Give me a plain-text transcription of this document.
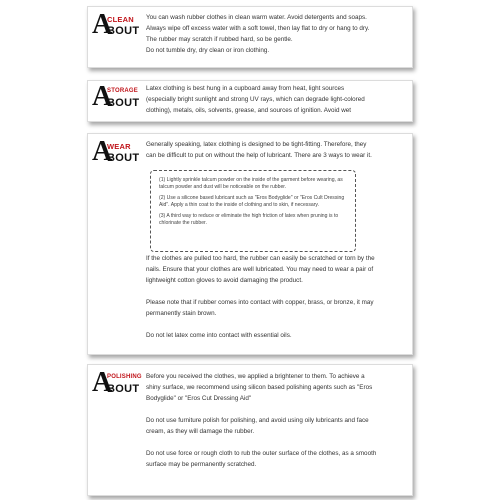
A
CLEAN
BOUT

You can wash rubber clothes in clean warm water. Avoid detergents and soaps.

Always wipe off excess water with a soft towel, then lay flat to dry or hang to dry.

The rubber may scratch if rubbed hard, so be gentle.

Do not tumble dry, dry clean or iron clothing.

A
STORAGE
BOUT

Latex clothing is best hung in a cupboard away from heat, light sources

(especially bright sunlight and strong UV rays, which can degrade light-colored

clothing), metals, oils, solvents, grease, and sources of ignition. Avoid wet

A
WEAR
BOUT

Generally speaking, latex clothing is designed to be tight-fitting. Therefore, they

can be difficult to put on without the help of lubricant. There are 3 ways to wear it.

(1) Lightly sprinkle talcum powder on the inside of the garment before wearing, as talcum powder and dust will be noticeable on the rubber.

(2) Use a silicone based lubricant such as "Eros Bodyglide" or "Eros Cult Dressing Aid". Apply a thin coat to the inside of clothing and to skin, if necessary.

(3) A third way to reduce or eliminate the high friction of latex when pruning is to chlorinate the rubber.

If the clothes are pulled too hard, the rubber can easily be scratched or torn by the

nails. Ensure that your clothes are well lubricated. You may need to wear a pair of

lightweight cotton gloves to avoid damaging the product.

Please note that if rubber comes into contact with copper, brass, or bronze, it may

permanently stain brown.

Do not let latex come into contact with essential oils.

A
POLISHING
BOUT

Before you received the clothes, we applied a brightener to them. To achieve a

shiny surface, we recommend using silicon based polishing agents such as "Eros

Bodyglide" or "Eros Cut Dressing Aid"

Do not use furniture polish for polishing, and avoid using oily lubricants and face

cream, as they will damage the rubber.

Do not use force or rough cloth to rub the outer surface of the clothes, as a smooth

surface may be permanently scratched.
